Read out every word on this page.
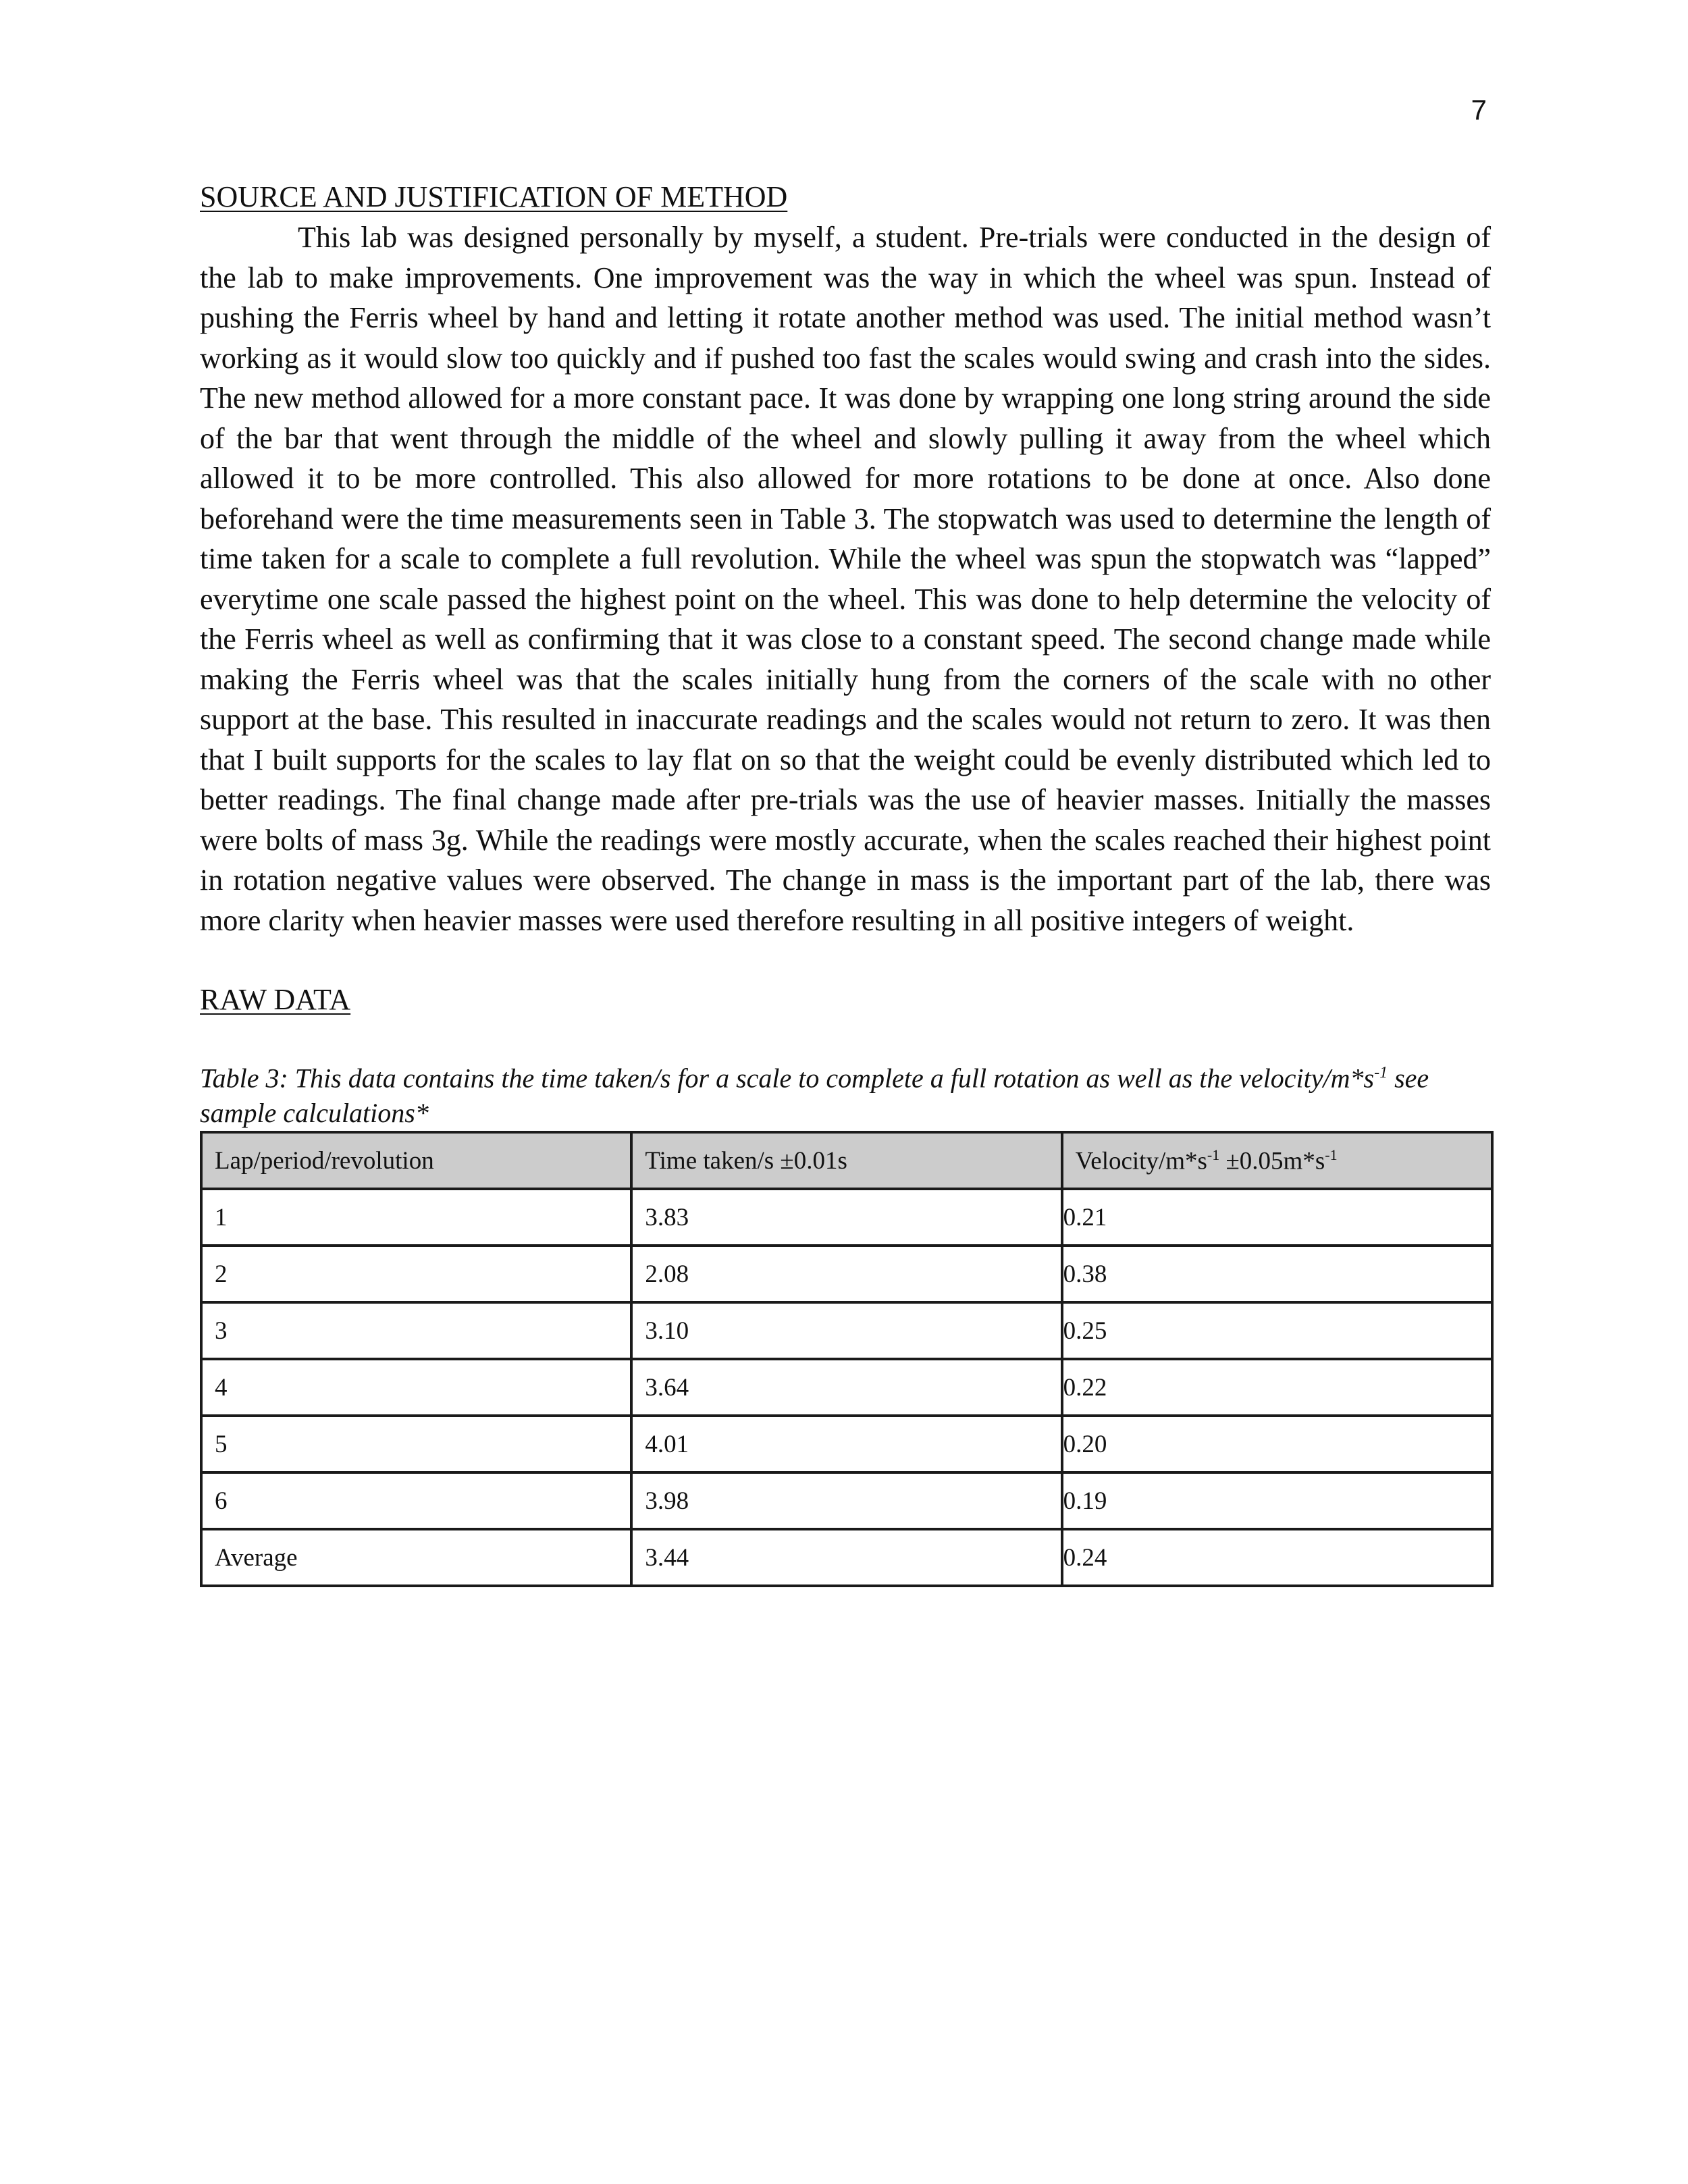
7
SOURCE AND JUSTIFICATION OF METHOD

This lab was designed personally by myself, a student. Pre-trials were conducted in the design of the lab to make improvements. One improvement was the way in which the wheel was spun. Instead of pushing the Ferris wheel by hand and letting it rotate another method was used. The initial method wasn’t working as it would slow too quickly and if pushed too fast the scales would swing and crash into the sides. The new method allowed for a more constant pace. It was done by wrapping one long string around the side of the bar that went through the middle of the wheel and slowly pulling it away from the wheel which allowed it to be more controlled. This also allowed for more rotations to be done at once. Also done beforehand were the time measurements seen in Table 3. The stopwatch was used to determine the length of time taken for a scale to complete a full revolution. While the wheel was spun the stopwatch was “lapped” everytime one scale passed the highest point on the wheel. This was done to help determine the velocity of the Ferris wheel as well as confirming that it was close to a constant speed. The second change made while making the Ferris wheel was that the scales initially hung from the corners of the scale with no other support at the base. This resulted in inaccurate readings and the scales would not return to zero. It was then that I built supports for the scales to lay flat on so that the weight could be evenly distributed which led to better readings. The final change made after pre-trials was the use of heavier masses. Initially the masses were bolts of mass 3g. While the readings were mostly accurate, when the scales reached their highest point in rotation negative values were observed. The change in mass is the important part of the lab, there was more clarity when heavier masses were used therefore resulting in all positive integers of weight.

RAW DATA
Table 3: This data contains the time taken/s for a scale to complete a full rotation as well as the velocity/$m*s^{-1}$ see sample calculations*
Lap/period/revolution	Time taken/s ±0.01s	Velocity/$m*s^{-1} \pm 0.05m*s^{-1}$
1	3.83	0.21
2	2.08	0.38
3	3.10	0.25
4	3.64	0.22
5	4.01	0.20
6	3.98	0.19
Average	3.44	0.24
